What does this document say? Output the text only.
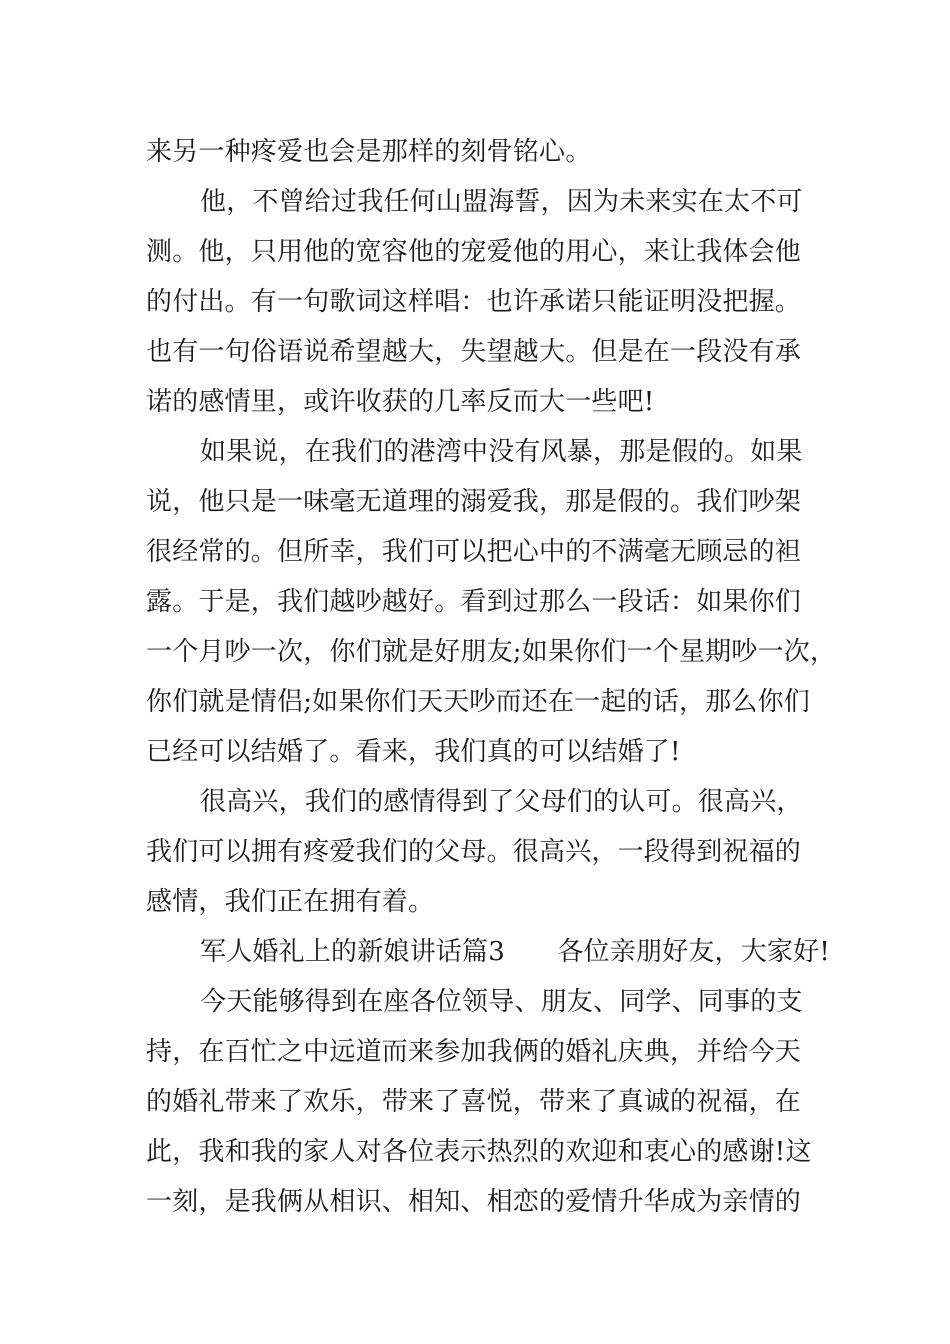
来另一种疼爱也会是那样的刻骨铭心。
他，不曾给过我任何山盟海誓，因为未来实在太不可
测。他，只用他的宽容他的宠爱他的用心，来让我体会他
的付出。有一句歌词这样唱：也许承诺只能证明没把握。
也有一句俗语说希望越大，失望越大。但是在一段没有承
诺的感情里，或许收获的几率反而大一些吧!
如果说，在我们的港湾中没有风暴，那是假的。如果
说，他只是一味毫无道理的溺爱我，那是假的。我们吵架
很经常的。但所幸，我们可以把心中的不满毫无顾忌的袒
露。于是，我们越吵越好。看到过那么一段话：如果你们
一个月吵一次，你们就是好朋友;如果你们一个星期吵一次，
你们就是情侣;如果你们天天吵而还在一起的话，那么你们
已经可以结婚了。看来，我们真的可以结婚了!
很高兴，我们的感情得到了父母们的认可。很高兴，
我们可以拥有疼爱我们的父母。很高兴，一段得到祝福的
感情，我们正在拥有着。
军人婚礼上的新娘讲话篇3　　各位亲朋好友，大家好!
今天能够得到在座各位领导、朋友、同学、同事的支
持，在百忙之中远道而来参加我俩的婚礼庆典，并给今天
的婚礼带来了欢乐，带来了喜悦，带来了真诚的祝福，在
此，我和我的家人对各位表示热烈的欢迎和衷心的感谢!这
一刻，是我俩从相识、相知、相恋的爱情升华成为亲情的
